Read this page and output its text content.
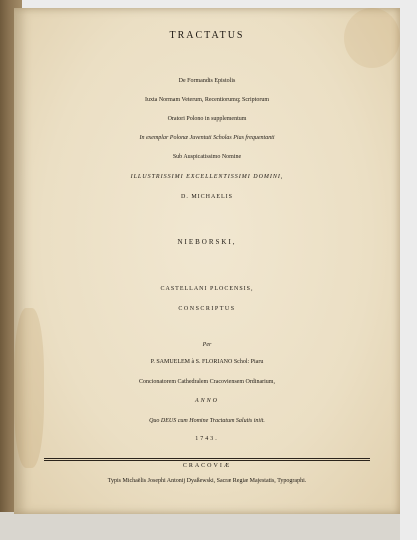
TRACTATUS
De Formandis Epistolis
Iuxta Normam Veterum, Recentiorumq; Scriptorum
Oratori Polono in supplementum
In exemplar Polonæ Juventuti Scholas Pias frequentanti
Sub Auspicatissimo Nomine
ILLUSTRISSIMI EXCELLENTISSIMI DOMINI,
D. MICHAELIS
NIEBORSKI,
CASTELLANI PLOCENSIS,
CONSCRIPTUS
Per
P. SAMUELEM à S. FLORIANO Schol: Piaru
Concionatorem Cathedralem Cracoviensem Ordinarium,
ANNO
Quo DEUS cum Homine Tractatum Salutis iniit.
1743.
CRACOVIÆ
Typis Michaëlis Josephi Antonij Dyaßewski, Sacræ Regiæ Majestatis, Typographi.
